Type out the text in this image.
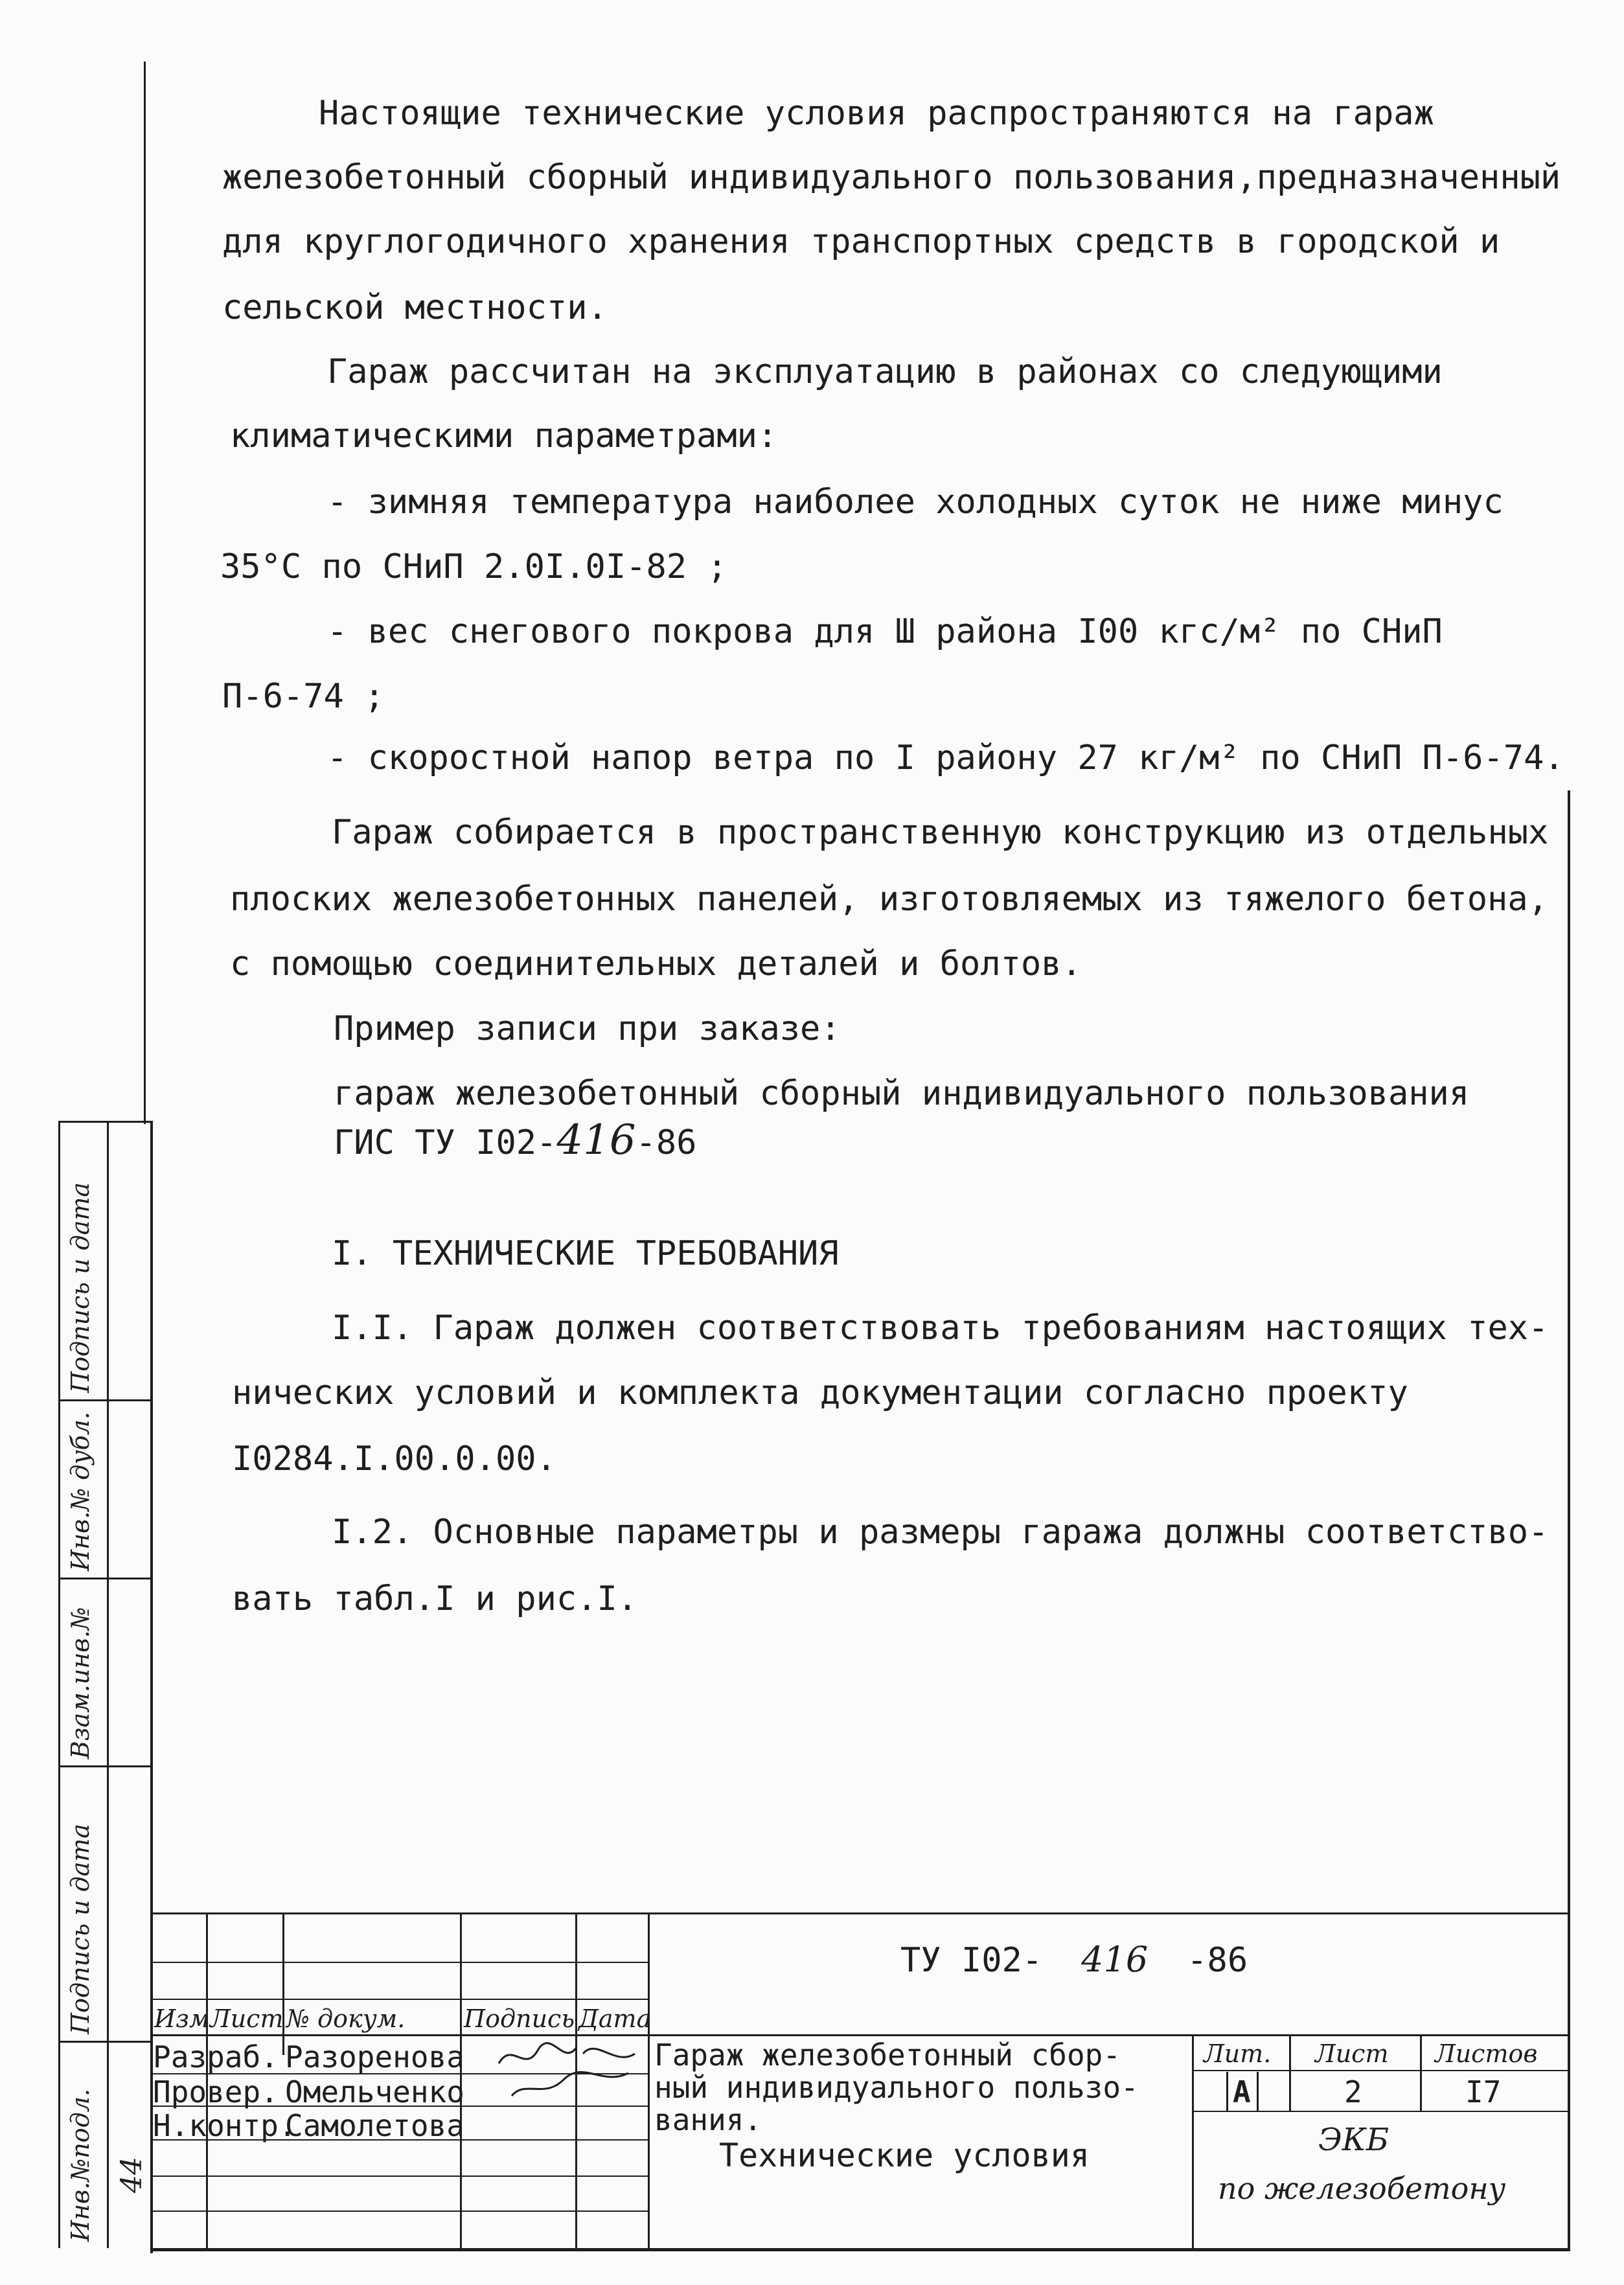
Настоящие технические условия распространяются на гараж
железобетонный сборный индивидуального пользования,предназначенный
для круглогодичного хранения транспортных средств в городской и
сельской местности.
Гараж рассчитан на эксплуатацию в районах со следующими
климатическими параметрами:
- зимняя температура наиболее холодных суток не ниже минус
35°С по СНиП 2.0I.0I-82 ;
- вес снегового покрова для Ш района I00 кгс/м² по СНиП
П-6-74 ;
- скоростной напор ветра по I району 27 кг/м² по СНиП П-6-74.
Гараж собирается в пространственную конструкцию из отдельных
плоских железобетонных панелей, изготовляемых из тяжелого бетона,
с помощью соединительных деталей и болтов.
Пример записи при заказе:
гараж железобетонный сборный индивидуального пользования
ГИС ТУ I02-416-86
I. ТЕХНИЧЕСКИЕ ТРЕБОВАНИЯ
I.I. Гараж должен соответствовать требованиям настоящих тех-
нических условий и комплекта документации согласно проекту
I0284.I.00.0.00.
I.2. Основные параметры и размеры гаража должны соответство-
вать табл.I и рис.I.
Инв.№подл.
Подпись и дата
Взам.инв.№
Инв.№ дубл.
Подпись и дата
44
Изм Лист № докум. Подпись Дата
Разраб.
Провер.
Н.контр.
Разоренова
Омельченко
Самолетова
ТУ I02- 416 -86
Гараж железобетонный сбор-
ный индивидуального пользо-
вания.
Технические условия
Лит. Лист Листов
А	2	I7
ЭКБ
по железобетону
